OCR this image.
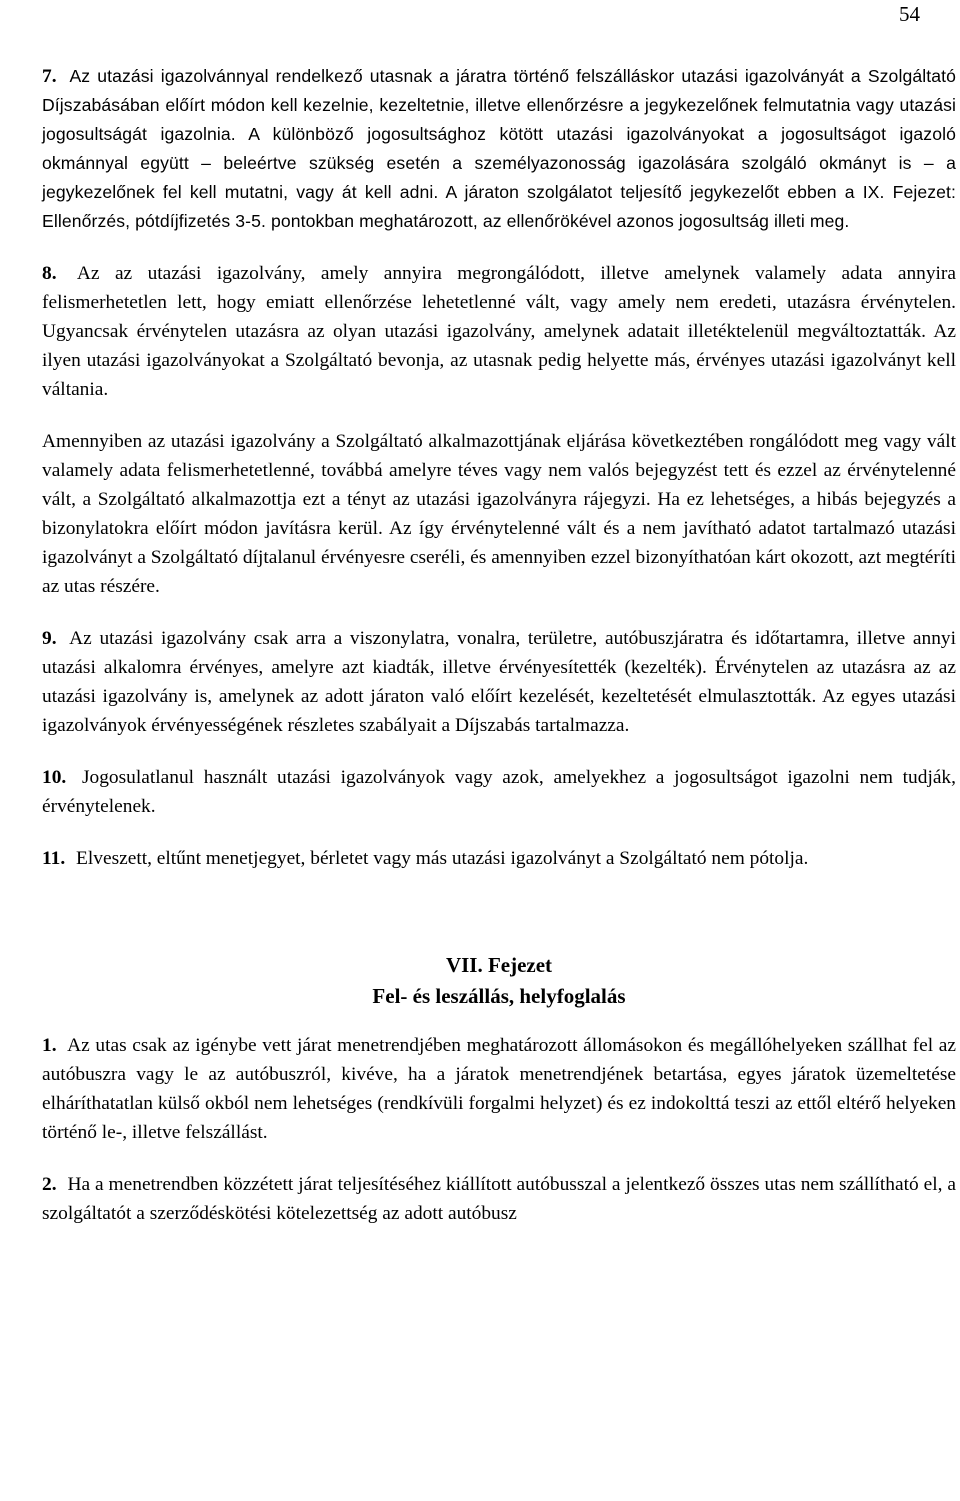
54

7. Az utazási igazolvánnyal rendelkező utasnak a járatra történő felszálláskor utazási igazolványát a Szolgáltató Díjszabásában előírt módon kell kezelnie, kezeltetnie, illetve ellenőrzésre a jegykezelőnek felmutatnia vagy utazási jogosultságát igazolnia. A különböző jogosultsághoz kötött utazási igazolványokat a jogosultságot igazoló okmánnyal együtt – beleértve szükség esetén a személyazonosság igazolására szolgáló okmányt is – a jegykezelőnek fel kell mutatni, vagy át kell adni. A járaton szolgálatot teljesítő jegykezelőt ebben a IX. Fejezet: Ellenőrzés, pótdíjfizetés 3-5. pontokban meghatározott, az ellenőrökével azonos jogosultság illeti meg.

8. Az az utazási igazolvány, amely annyira megrongálódott, illetve amelynek valamely adata annyira felismerhetetlen lett, hogy emiatt ellenőrzése lehetetlenné vált, vagy amely nem eredeti, utazásra érvénytelen. Ugyancsak érvénytelen utazásra az olyan utazási igazolvány, amelynek adatait illetéktelenül megváltoztatták. Az ilyen utazási igazolványokat a Szolgáltató bevonja, az utasnak pedig helyette más, érvényes utazási igazolványt kell váltania.

Amennyiben az utazási igazolvány a Szolgáltató alkalmazottjának eljárása következtében rongálódott meg vagy vált valamely adata felismerhetetlenné, továbbá amelyre téves vagy nem valós bejegyzést tett és ezzel az érvénytelenné vált, a Szolgáltató alkalmazottja ezt a tényt az utazási igazolványra rájegyzi. Ha ez lehetséges, a hibás bejegyzés a bizonylatokra előírt módon javításra kerül. Az így érvénytelenné vált és a nem javítható adatot tartalmazó utazási igazolványt a Szolgáltató díjtalanul érvényesre cseréli, és amennyiben ezzel bizonyíthatóan kárt okozott, azt megtéríti az utas részére.

9. Az utazási igazolvány csak arra a viszonylatra, vonalra, területre, autóbuszjáratra és időtartamra, illetve annyi utazási alkalomra érvényes, amelyre azt kiadták, illetve érvényesítették (kezelték). Érvénytelen az utazásra az az utazási igazolvány is, amelynek az adott járaton való előírt kezelését, kezeltetését elmulasztották. Az egyes utazási igazolványok érvényességének részletes szabályait a Díjszabás tartalmazza.

10. Jogosulatlanul használt utazási igazolványok vagy azok, amelyekhez a jogosultságot igazolni nem tudják, érvénytelenek.

11. Elveszett, eltűnt menetjegyet, bérletet vagy más utazási igazolványt a Szolgáltató nem pótolja.

VII. Fejezet
Fel- és leszállás, helyfoglalás

1. Az utas csak az igénybe vett járat menetrendjében meghatározott állomásokon és megállóhelyeken szállhat fel az autóbuszra vagy le az autóbuszról, kivéve, ha a járatok menetrendjének betartása, egyes járatok üzemeltetése elháríthatatlan külső okból nem lehetséges (rendkívüli forgalmi helyzet) és ez indokolttá teszi az ettől eltérő helyeken történő le-, illetve felszállást.

2. Ha a menetrendben közzétett járat teljesítéséhez kiállított autóbusszal a jelentkező összes utas nem szállítható el, a szolgáltatót a szerződéskötési kötelezettség az adott autóbusz
